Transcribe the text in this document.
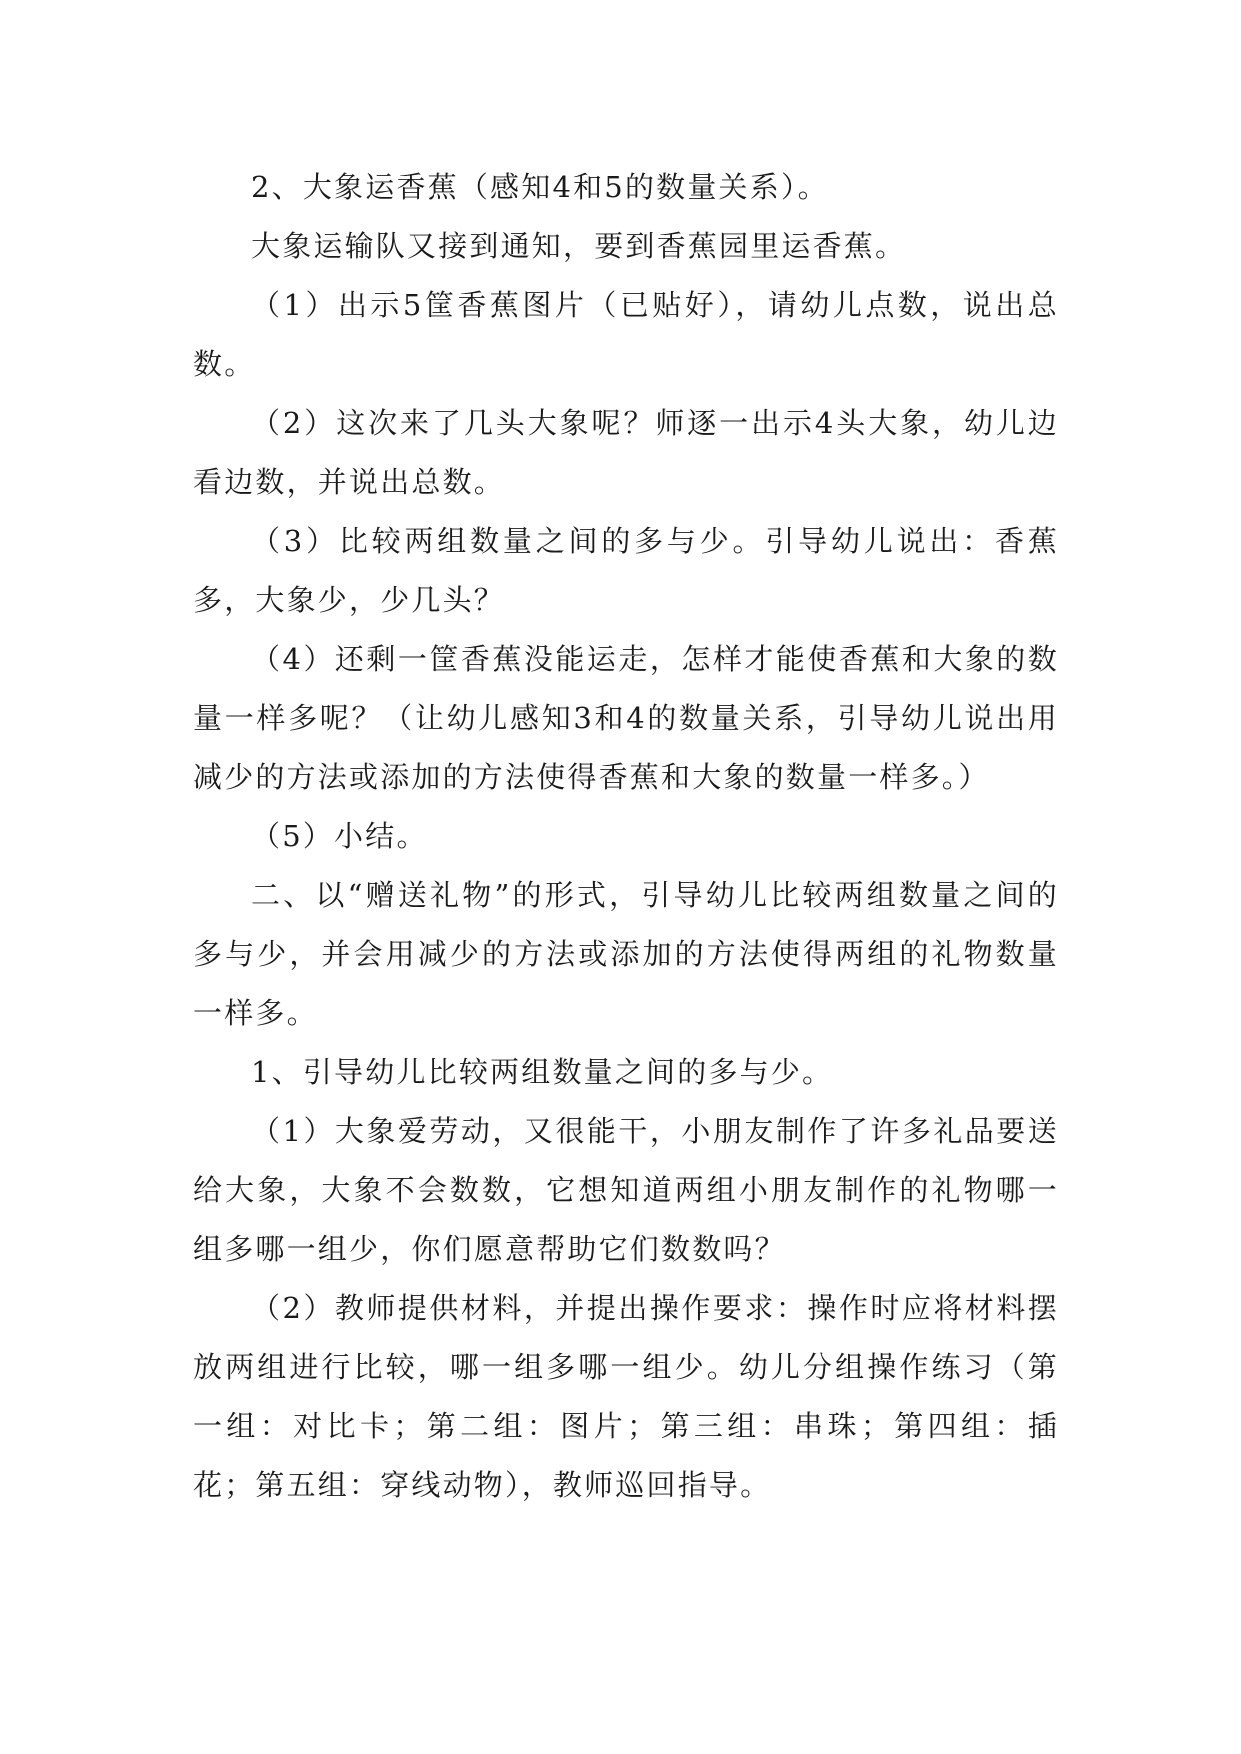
2、大象运香蕉（感知4和5的数量关系）。

大象运输队又接到通知，要到香蕉园里运香蕉。

（1）出示5筐香蕉图片（已贴好），请幼儿点数，说出总数。

（2）这次来了几头大象呢？师逐一出示4头大象，幼儿边看边数，并说出总数。

（3）比较两组数量之间的多与少。引导幼儿说出：香蕉多，大象少，少几头？

（4）还剩一筐香蕉没能运走，怎样才能使香蕉和大象的数量一样多呢？（让幼儿感知3和4的数量关系，引导幼儿说出用减少的方法或添加的方法使得香蕉和大象的数量一样多。）

（5）小结。

二、以“赠送礼物”的形式，引导幼儿比较两组数量之间的多与少，并会用减少的方法或添加的方法使得两组的礼物数量一样多。

1、引导幼儿比较两组数量之间的多与少。

（1）大象爱劳动，又很能干，小朋友制作了许多礼品要送给大象，大象不会数数，它想知道两组小朋友制作的礼物哪一组多哪一组少，你们愿意帮助它们数数吗？

（2）教师提供材料，并提出操作要求：操作时应将材料摆放两组进行比较，哪一组多哪一组少。幼儿分组操作练习（第一组：对比卡；第二组：图片；第三组：串珠；第四组：插花；第五组：穿线动物），教师巡回指导。
